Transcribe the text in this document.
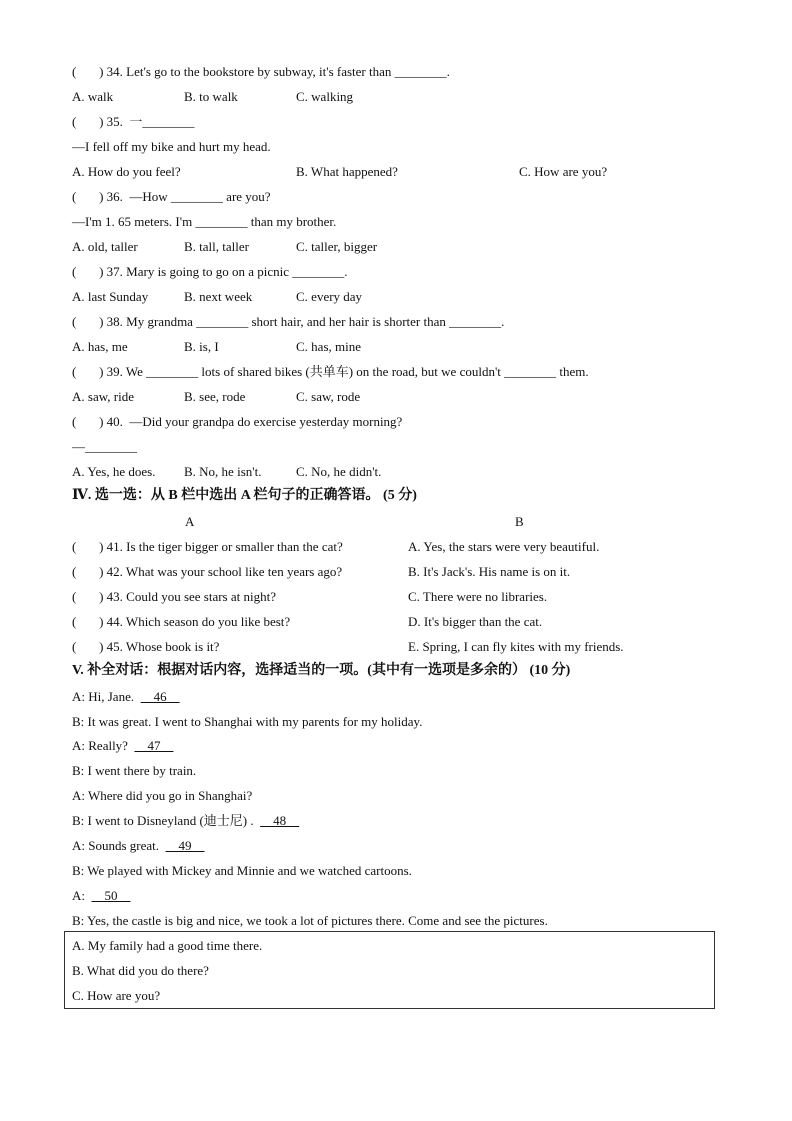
(       ) 34. Let's go to the bookstore by subway, it's faster than ________.
A. walk	B. to walk	C. walking
(       ) 35.  一________
—I fell off my bike and hurt my head.
A. How do you feel?	B. What happened?	C. How are you?
(       ) 36.  —How ________ are you?
—I'm 1. 65 meters. I'm ________ than my brother.
A. old, taller	B. tall, taller	C. taller, bigger
(       ) 37. Mary is going to go on a picnic ________.
A. last Sunday	B. next week	C. every day
(       ) 38. My grandma ________ short hair, and her hair is shorter than ________.
A. has, me	B. is, I	C. has, mine
(       ) 39. We ________ lots of shared bikes (共单车) on the road, but we couldn't ________ them.
A. saw, ride	B. see, rode	C. saw, rode
(       ) 40.  —Did your grandpa do exercise yesterday morning?
—________
A. Yes, he does. B. No, he isn't.	C. No, he didn't.
Ⅳ. 选一选：从 B 栏中选出 A 栏句子的正确答语。 (5 分)
A	B
(       ) 41. Is the tiger bigger or smaller than the cat?	A. Yes, the stars were very beautiful.
(       ) 42. What was your school like ten years ago?	B. It's Jack's. His name is on it.
(       ) 43. Could you see stars at night?	C. There were no libraries.
(       ) 44. Which season do you like best?	D. It's bigger than the cat.
(       ) 45. Whose book is it?	E. Spring, I can fly kites with my friends.
V. 补全对话：根据对话内容，选择适当的一项。(其中有一选项是多余的） (10 分)
A: Hi, Jane.      46
B: It was great. I went to Shanghai with my parents for my holiday.
A: Really?      47
B: I went there by train.
A: Where did you go in Shanghai?
B: I went to Disneyland (迪士尼) .      48
A: Sounds great.      49
B: We played with Mickey and Minnie and we watched cartoons.
A:      50
B: Yes, the castle is big and nice, we took a lot of pictures there. Come and see the pictures.
A. My family had a good time there.
B. What did you do there?
C. How are you?
